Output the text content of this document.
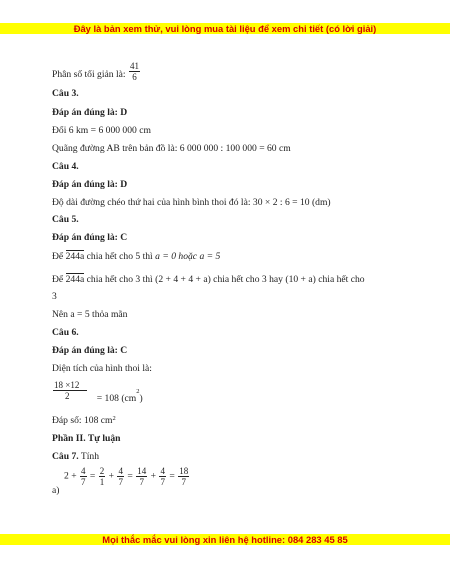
Đây là bản xem thử, vui lòng mua tài liệu để xem chi tiết (có lời giải)
Phân số tối giản là: $\frac{41}{6}$
Câu 3.
Đáp án đúng là: D
Đổi 6 km = 6 000 000 cm
Quãng đường AB trên bản đồ là: 6 000 000 : 100 000 = 60 cm
Câu 4.
Đáp án đúng là: D
Độ dài đường chéo thứ hai của hình bình thoi đó là: 30 × 2 : 6 = 10 (dm)
Câu 5.
Đáp án đúng là: C
Để 244a chia hết cho 5 thì a = 0 hoặc a = 5
Để 244a chia hết cho 3 thì (2 + 4 + 4 + a) chia hết cho 3 hay (10 + a) chia hết cho
3
Nên a = 5 thỏa mãn
Câu 6.
Đáp án đúng là: C
Diện tích của hình thoi là:
$\frac{18 \times 12}{2} = 108$ $(cm^2)$
Đáp số: 108 $cm^2$
Phần II. Tự luận
Câu 7. Tính
a)
$2 + \frac{4}{7} = \frac{2}{1} + \frac{4}{7} = \frac{14}{7} + \frac{4}{7} = \frac{18}{7}$
Mọi thắc mắc vui lòng xin liên hệ hotline: 084 283 45 85
